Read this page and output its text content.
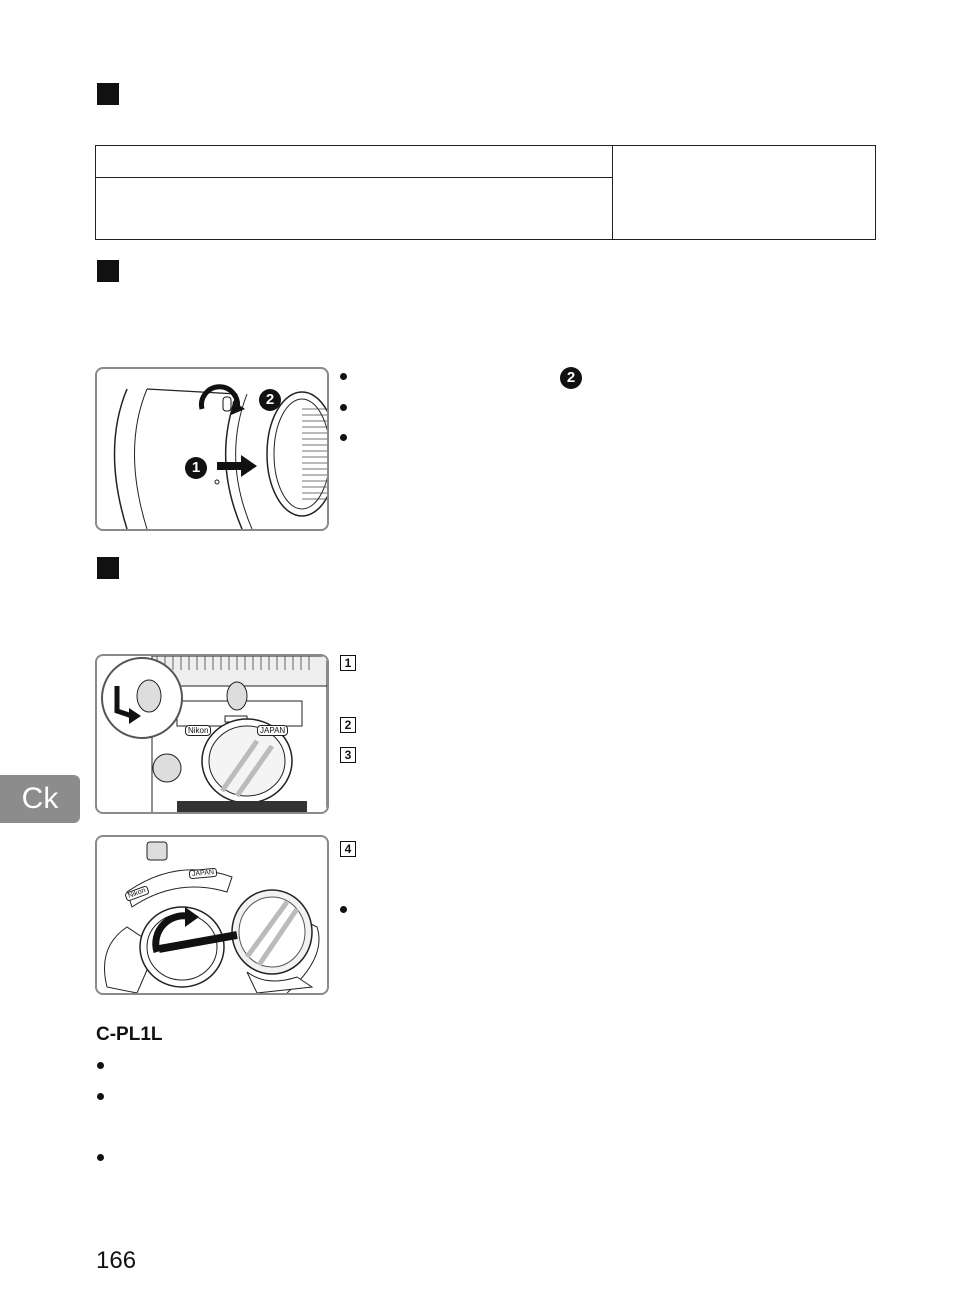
1
2
2
Nikon	JAPAN
1
2
3
Nikon
JAPAN
4
C-PL1L
Ck
166
